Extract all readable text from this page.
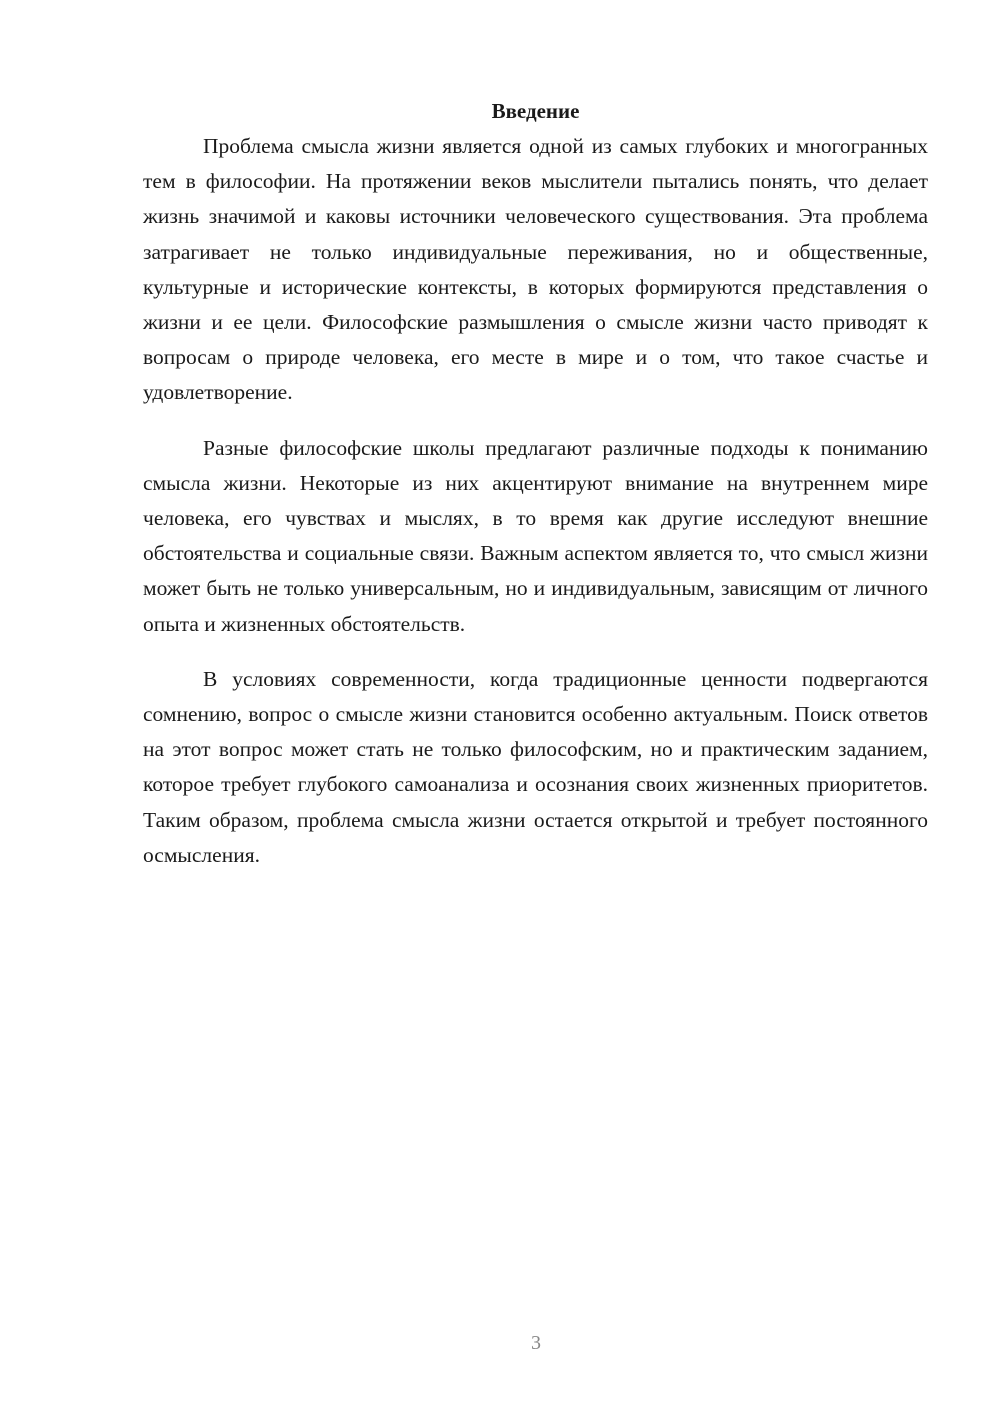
Введение

Проблема смысла жизни является одной из самых глубоких и многогранных тем в философии. На протяжении веков мыслители пытались понять, что делает жизнь значимой и каковы источники человеческого существования. Эта проблема затрагивает не только индивидуальные переживания, но и общественные, культурные и исторические контексты, в которых формируются представления о жизни и ее цели. Философские размышления о смысле жизни часто приводят к вопросам о природе человека, его месте в мире и о том, что такое счастье и удовлетворение.

Разные философские школы предлагают различные подходы к пониманию смысла жизни. Некоторые из них акцентируют внимание на внутреннем мире человека, его чувствах и мыслях, в то время как другие исследуют внешние обстоятельства и социальные связи. Важным аспектом является то, что смысл жизни может быть не только универсальным, но и индивидуальным, зависящим от личного опыта и жизненных обстоятельств.

В условиях современности, когда традиционные ценности подвергаются сомнению, вопрос о смысле жизни становится особенно актуальным. Поиск ответов на этот вопрос может стать не только философским, но и практическим заданием, которое требует глубокого самоанализа и осознания своих жизненных приоритетов. Таким образом, проблема смысла жизни остается открытой и требует постоянного осмысления.

3
